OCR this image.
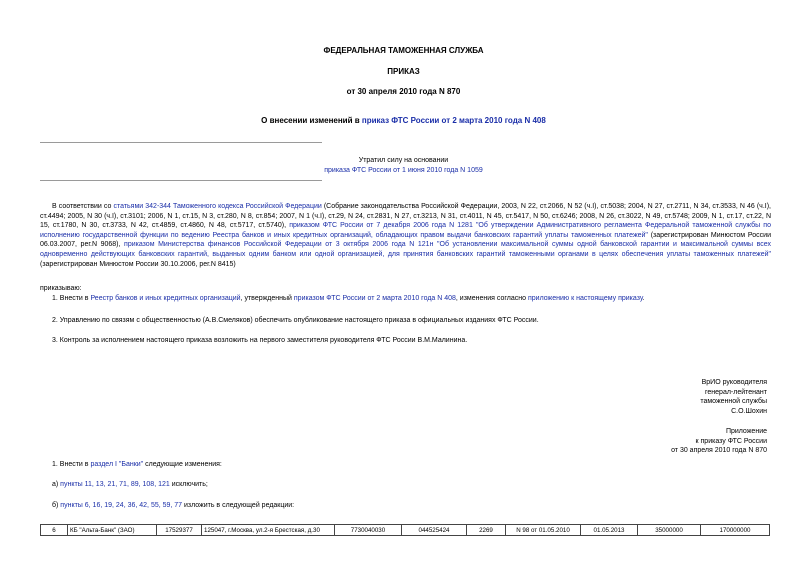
ФЕДЕРАЛЬНАЯ ТАМОЖЕННАЯ СЛУЖБА
ПРИКАЗ
от 30 апреля 2010 года N 870
О внесении изменений в приказ ФТС России от 2 марта 2010 года N 408
Утратил силу на основании
приказа ФТС России от 1 июня 2010 года N 1059
В соответствии со статьями 342-344 Таможенного кодекса Российской Федерации (Собрание законодательства Российской Федерации, 2003, N 22, ст.2066, N 52 (ч.I), ст.5038; 2004, N 27, ст.2711, N 34, ст.3533, N 46 (ч.I), ст.4494; 2005, N 30 (ч.I), ст.3101; 2006, N 1, ст.15, N 3, ст.280, N 8, ст.854; 2007, N 1 (ч.I), ст.29, N 24, ст.2831, N 27, ст.3213, N 31, ст.4011, N 45, ст.5417, N 50, ст.6246; 2008, N 26, ст.3022, N 49, ст.5748; 2009, N 1, ст.17, ст.22, N 15, ст.1780, N 30, ст.3733, N 42, ст.4859, ст.4860, N 48, ст.5717, ст.5740), приказом ФТС России от 7 декабря 2006 года N 1281 "Об утверждении Административного регламента Федеральной таможенной службы по исполнению государственной функции по ведению Реестра банков и иных кредитных организаций, обладающих правом выдачи банковских гарантий уплаты таможенных платежей" (зарегистрирован Минюстом России 06.03.2007, рег.N 9068), приказом Министерства финансов Российской Федерации от 3 октября 2006 года N 121н "Об установлении максимальной суммы одной банковской гарантии и максимальной суммы всех одновременно действующих банковских гарантий, выданных одним банком или одной организацией, для принятия банковских гарантий таможенными органами в целях обеспечения уплаты таможенных платежей" (зарегистрирован Минюстом России 30.10.2006, рег.N 8415)
приказываю:
1. Внести в Реестр банков и иных кредитных организаций, утвержденный приказом ФТС России от 2 марта 2010 года N 408, изменения согласно приложению к настоящему приказу.
2. Управлению по связям с общественностью (А.В.Смеляков) обеспечить опубликование настоящего приказа в официальных изданиях ФТС России.
3. Контроль за исполнением настоящего приказа возложить на первого заместителя руководителя ФТС России В.М.Малинина.
ВрИО руководителя
генерал-лейтенант
таможенной службы
С.О.Шохин
Приложение
к приказу ФТС России
от 30 апреля 2010 года N 870
1. Внести в раздел I "Банки" следующие изменения:
а) пункты 11, 13, 21, 71, 89, 108, 121 исключить;
б) пункты 6, 16, 19, 24, 36, 42, 55, 59, 77 изложить в следующей редакции:
6	КБ "Альта-Банк" (ЗАО)	17529377	125047, г.Москва, ул.2-я Брестская, д.30	7730040030	044525424	2269	N 98 от 01.05.2010	01.05.2013	35000000	170000000
